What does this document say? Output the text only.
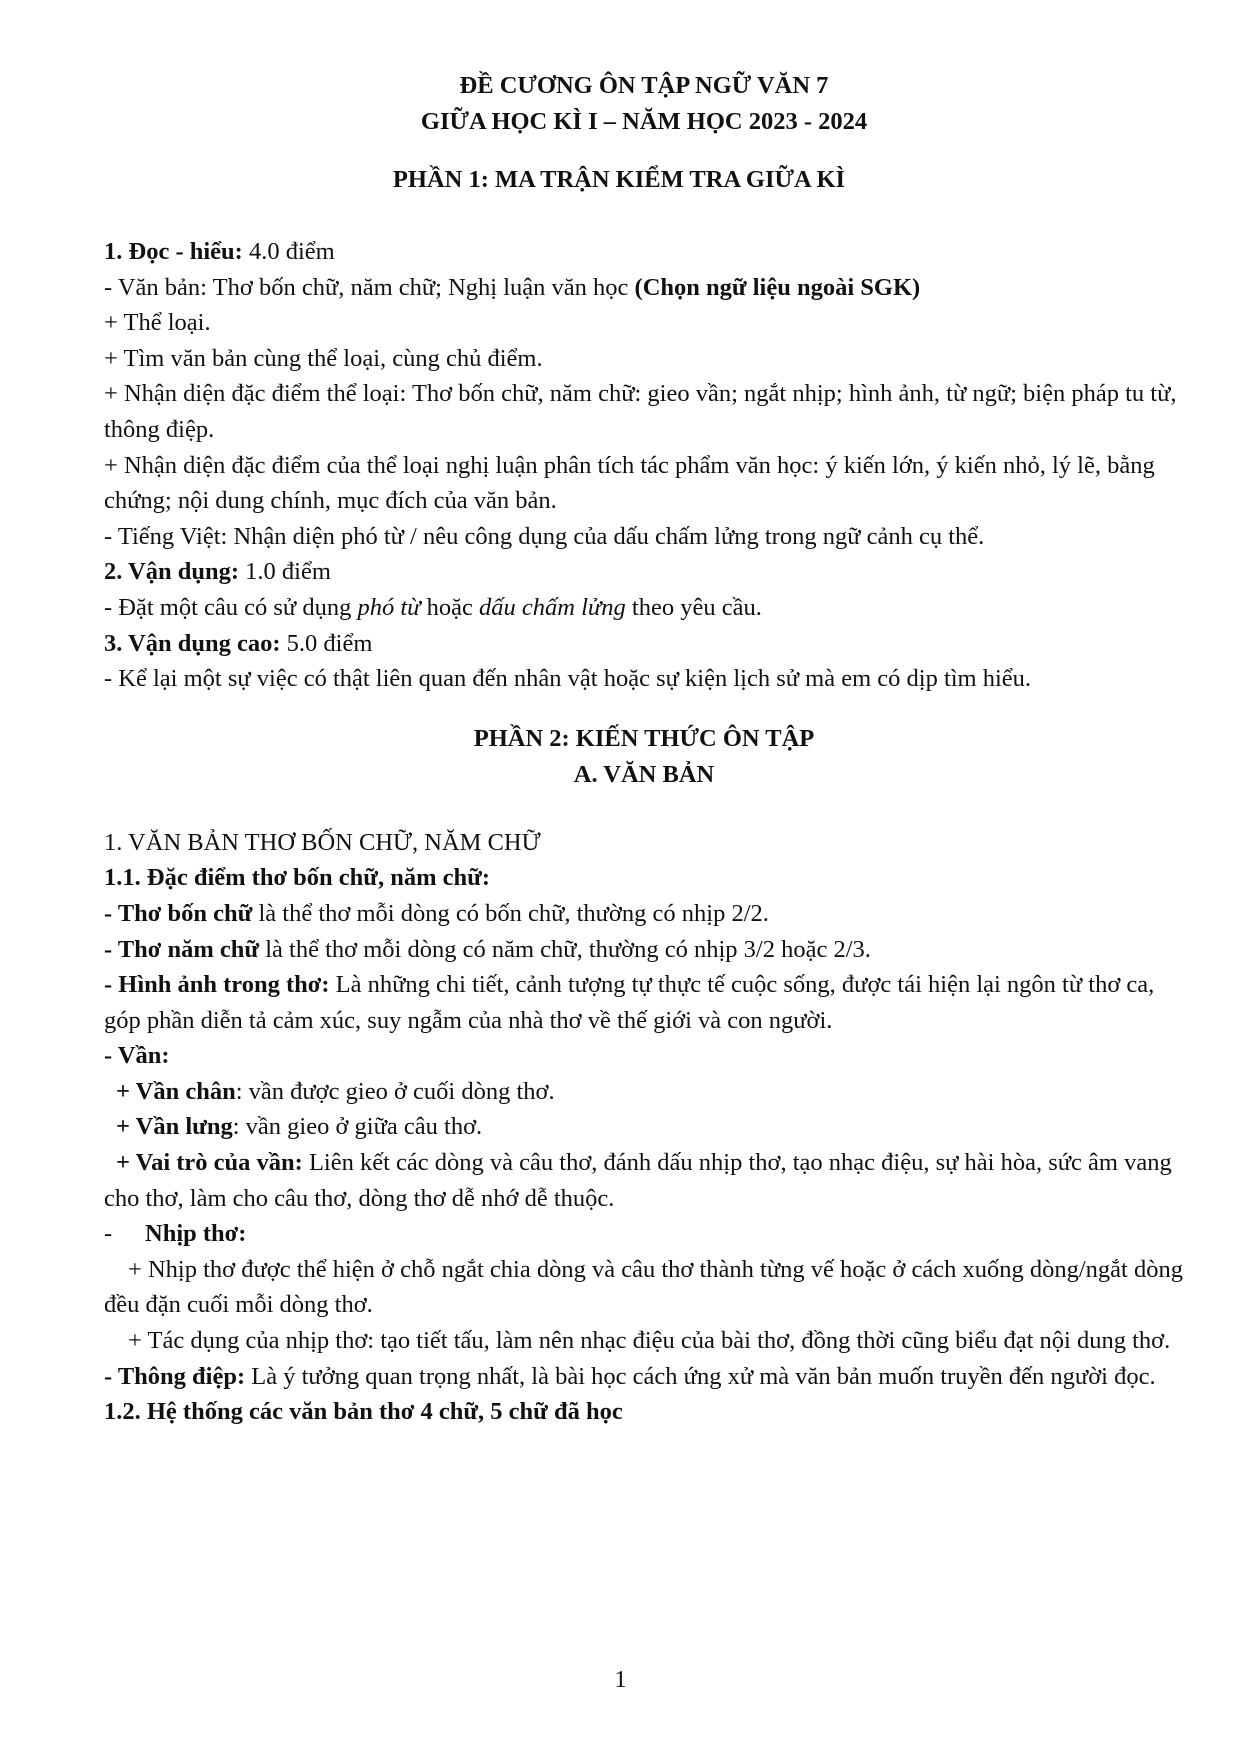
ĐỀ CƯƠNG ÔN TẬP NGỮ VĂN 7

GIỮA HỌC KÌ I – NĂM HỌC 2023 - 2024

PHẦN 1: MA TRẬN KIỂM TRA GIỮA KÌ

1. Đọc - hiểu: 4.0 điểm

- Văn bản: Thơ bốn chữ, năm chữ; Nghị luận văn học (Chọn ngữ liệu ngoài SGK)

+ Thể loại.

+ Tìm văn bản cùng thể loại, cùng chủ điểm.

+ Nhận diện đặc điểm thể loại: Thơ bốn chữ, năm chữ: gieo vần; ngắt nhịp; hình ảnh, từ ngữ; biện pháp tu từ, thông điệp.

+ Nhận diện đặc điểm của thể loại nghị luận phân tích tác phẩm văn học: ý kiến lớn, ý kiến nhỏ, lý lẽ, bằng chứng; nội dung chính, mục đích của văn bản.

- Tiếng Việt: Nhận diện phó từ / nêu công dụng của dấu chấm lửng trong ngữ cảnh cụ thể.

2. Vận dụng: 1.0 điểm

- Đặt một câu có sử dụng phó từ hoặc dấu chấm lửng theo yêu cầu.

3. Vận dụng cao: 5.0 điểm

- Kể lại một sự việc có thật liên quan đến nhân vật hoặc sự kiện lịch sử mà em có dịp tìm hiểu.

PHẦN 2: KIẾN THỨC ÔN TẬP

A. VĂN BẢN

1. VĂN BẢN THƠ BỐN CHỮ, NĂM CHỮ

1.1. Đặc điểm thơ bốn chữ, năm chữ:

- Thơ bốn chữ là thể thơ mỗi dòng có bốn chữ, thường có nhịp 2/2.

- Thơ năm chữ là thể thơ mỗi dòng có năm chữ, thường có nhịp 3/2 hoặc 2/3.

- Hình ảnh trong thơ: Là những chi tiết, cảnh tượng tự thực tế cuộc sống, được tái hiện lại ngôn từ thơ ca, góp phần diễn tả cảm xúc, suy ngẫm của nhà thơ về thế giới và con người.

- Vần:

+ Vần chân: vần được gieo ở cuối dòng thơ.

+ Vần lưng: vần gieo ở giữa câu thơ.

+ Vai trò của vần: Liên kết các dòng và câu thơ, đánh dấu nhịp thơ, tạo nhạc điệu, sự hài hòa, sức âm vang cho thơ, làm cho câu thơ, dòng thơ dễ nhớ dễ thuộc.

- Nhịp thơ:

+ Nhịp thơ được thể hiện ở chỗ ngắt chia dòng và câu thơ thành từng vế hoặc ở cách xuống dòng/ngắt dòng đều đặn cuối mỗi dòng thơ.

+ Tác dụng của nhịp thơ: tạo tiết tấu, làm nên nhạc điệu của bài thơ, đồng thời cũng biểu đạt nội dung thơ.

- Thông điệp: Là ý tưởng quan trọng nhất, là bài học cách ứng xử mà văn bản muốn truyền đến người đọc.

1.2. Hệ thống các văn bản thơ 4 chữ, 5 chữ đã học

1
